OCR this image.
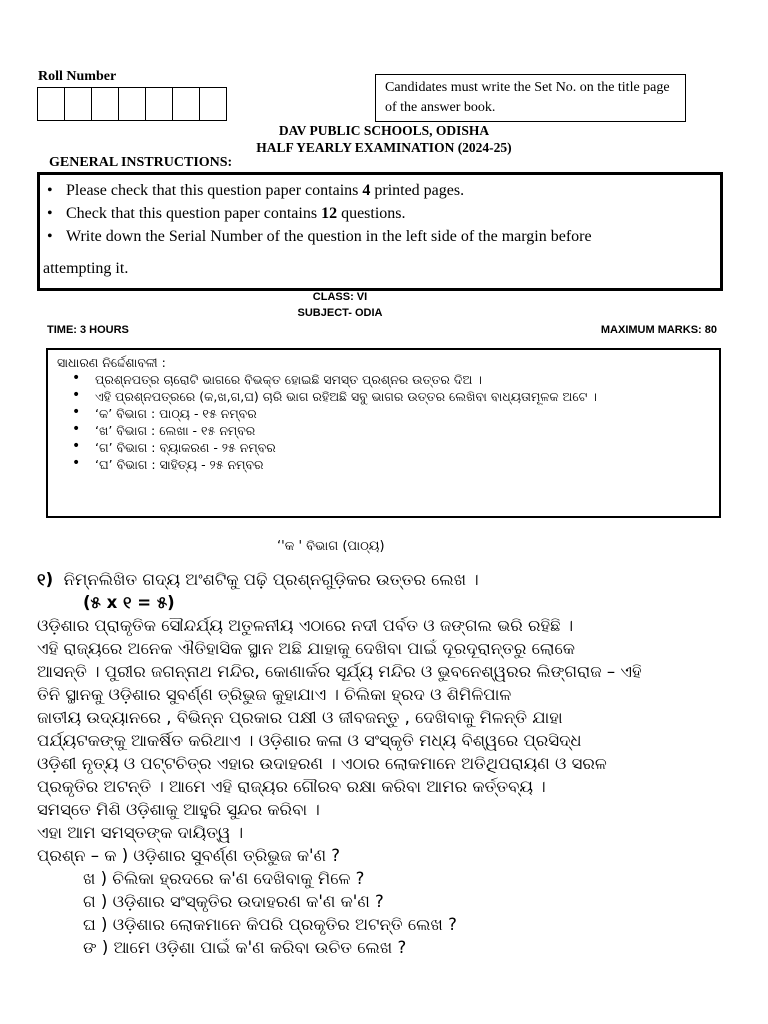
Roll Number
Candidates must write the Set No. on the title page of the answer book.
DAV PUBLIC SCHOOLS, ODISHA
HALF YEARLY EXAMINATION (2024-25)
GENERAL INSTRUCTIONS:
• Please check that this question paper contains 4 printed pages.
• Check that this question paper contains 12 questions.
• Write down the Serial Number of the question in the left side of the margin before
attempting it.
CLASS: VI
SUBJECT- ODIA
TIME: 3 HOURS	MAXIMUM MARKS: 80
ସାଧାରଣ ନିର୍ଦ୍ଦେଶାବଳୀ :
• ପ୍ରଶ୍ନପତ୍ର ଚାରୋଟି ଭାଗରେ ବିଭକ୍ତ ହୋଇଛି ସମସ୍ତ ପ୍ରଶ୍ନର ଉତ୍ତର ଦିଅ ।
• ଏହି ପ୍ରଶ୍ନପତ୍ରରେ (କ,ଖ,ଗ,ଘ) ଚାରି ଭାଗ ରହିଅଛି ସବୁ ଭାଗର ଉତ୍ତର ଲେଖିବା ବାଧ୍ୟତାମୂଳକ ଅଟେ ।
• ‘କ’ ବିଭାଗ : ପାଠ୍ୟ - ୧୫ ନମ୍ବର
• ‘ଖ’ ବିଭାଗ : ଲେଖା - ୧୫ ନମ୍ବର
• ‘ଗ’ ବିଭାଗ : ବ୍ୟାକରଣ - ୨୫ ନମ୍ବର
• ‘ଘ’ ବିଭାଗ : ସାହିତ୍ୟ - ୨୫ ନମ୍ବର
‘'କ ' ବିଭାଗ (ପାଠ୍ୟ)
୧) ନିମ୍ନଲିଖିତ ଗଦ୍ୟ ଅଂଶଟିକୁ ପଢ଼ି ପ୍ରଶ୍ନଗୁଡ଼ିକର ଉତ୍ତର ଲେଖ ।
(୫ x ୧ = ୫)
ଓଡ଼ିଶାର ପ୍ରାକୃତିକ ସୌନ୍ଦର୍ଯ୍ୟ ଅତୁଳନୀୟ ଏଠାରେ ନଦୀ ପର୍ବତ ଓ ଜଙ୍ଗଲ ଭରି ରହିଛି ।
ଏହି ରାଜ୍ୟରେ ଅନେକ ଐତିହାସିକ ସ୍ଥାନ ଅଛି ଯାହାକୁ ଦେଖିବା ପାଇଁ ଦୂରଦୂରାନ୍ତରୁ ଲୋକେ
ଆସନ୍ତି । ପୁରୀର ଜଗନ୍ନାଥ ମନ୍ଦିର, କୋଣାର୍କର ସୂର୍ଯ୍ୟ ମନ୍ଦିର ଓ ଭୁବନେଶ୍ୱରର ଲିଙ୍ଗରାଜ – ଏହି
ତିନି ସ୍ଥାନକୁ ଓଡ଼ିଶାର ସୁବର୍ଣ୍ଣ ତ୍ରିଭୁଜ କୁହାଯାଏ । ଚିଲିକା ହ୍ରଦ ଓ ଶିମିଳିପାଳ
ଜାତୀୟ ଉଦ୍ୟାନରେ , ବିଭିନ୍ନ ପ୍ରକାର ପକ୍ଷୀ ଓ ଜୀବଜନ୍ତୁ , ଦେଖିବାକୁ ମିଳନ୍ତି ଯାହା
ପର୍ଯ୍ୟଟକଙ୍କୁ ଆକର୍ଷିତ କରିଥାଏ । ଓଡ଼ିଶାର କଳା ଓ ସଂସ୍କୃତି ମଧ୍ୟ ବିଶ୍ୱରେ ପ୍ରସିଦ୍ଧ
ଓଡ଼ିଶୀ ନୃତ୍ୟ ଓ ପଟ୍ଟଚିତ୍ର ଏହାର ଉଦାହରଣ । ଏଠାର ଲୋକମାନେ ଅତିଥିପରାୟଣ ଓ ସରଳ
ପ୍ରକୃତିର ଅଟନ୍ତି । ଆମେ ଏହି ରାଜ୍ୟର ଗୌରବ ରକ୍ଷା କରିବା ଆମର କର୍ତ୍ତବ୍ୟ ।
ସମସ୍ତେ ମିଶି ଓଡ଼ିଶାକୁ ଆହୁରି ସୁନ୍ଦର କରିବା ।
ଏହା ଆମ ସମସ୍ତଙ୍କ ଦାୟିତ୍ୱ ।
ପ୍ରଶ୍ନ – କ ) ଓଡ଼ିଶାର ସୁବର୍ଣ୍ଣ ତ୍ରିଭୁଜ କ'ଣ ?
ଖ ) ଚିଲିକା ହ୍ରଦରେ କ'ଣ ଦେଖିବାକୁ ମିଳେ ?
ଗ ) ଓଡ଼ିଶାର ସଂସ୍କୃତିର ଉଦାହରଣ କ'ଣ କ'ଣ ?
ଘ ) ଓଡ଼ିଶାର ଲୋକମାନେ କିପରି ପ୍ରକୃତିର ଅଟନ୍ତି ଲେଖ ?
ଙ ) ଆମେ ଓଡ଼ିଶା ପାଇଁ କ'ଣ କରିବା ଉଚିତ ଲେଖ ?
